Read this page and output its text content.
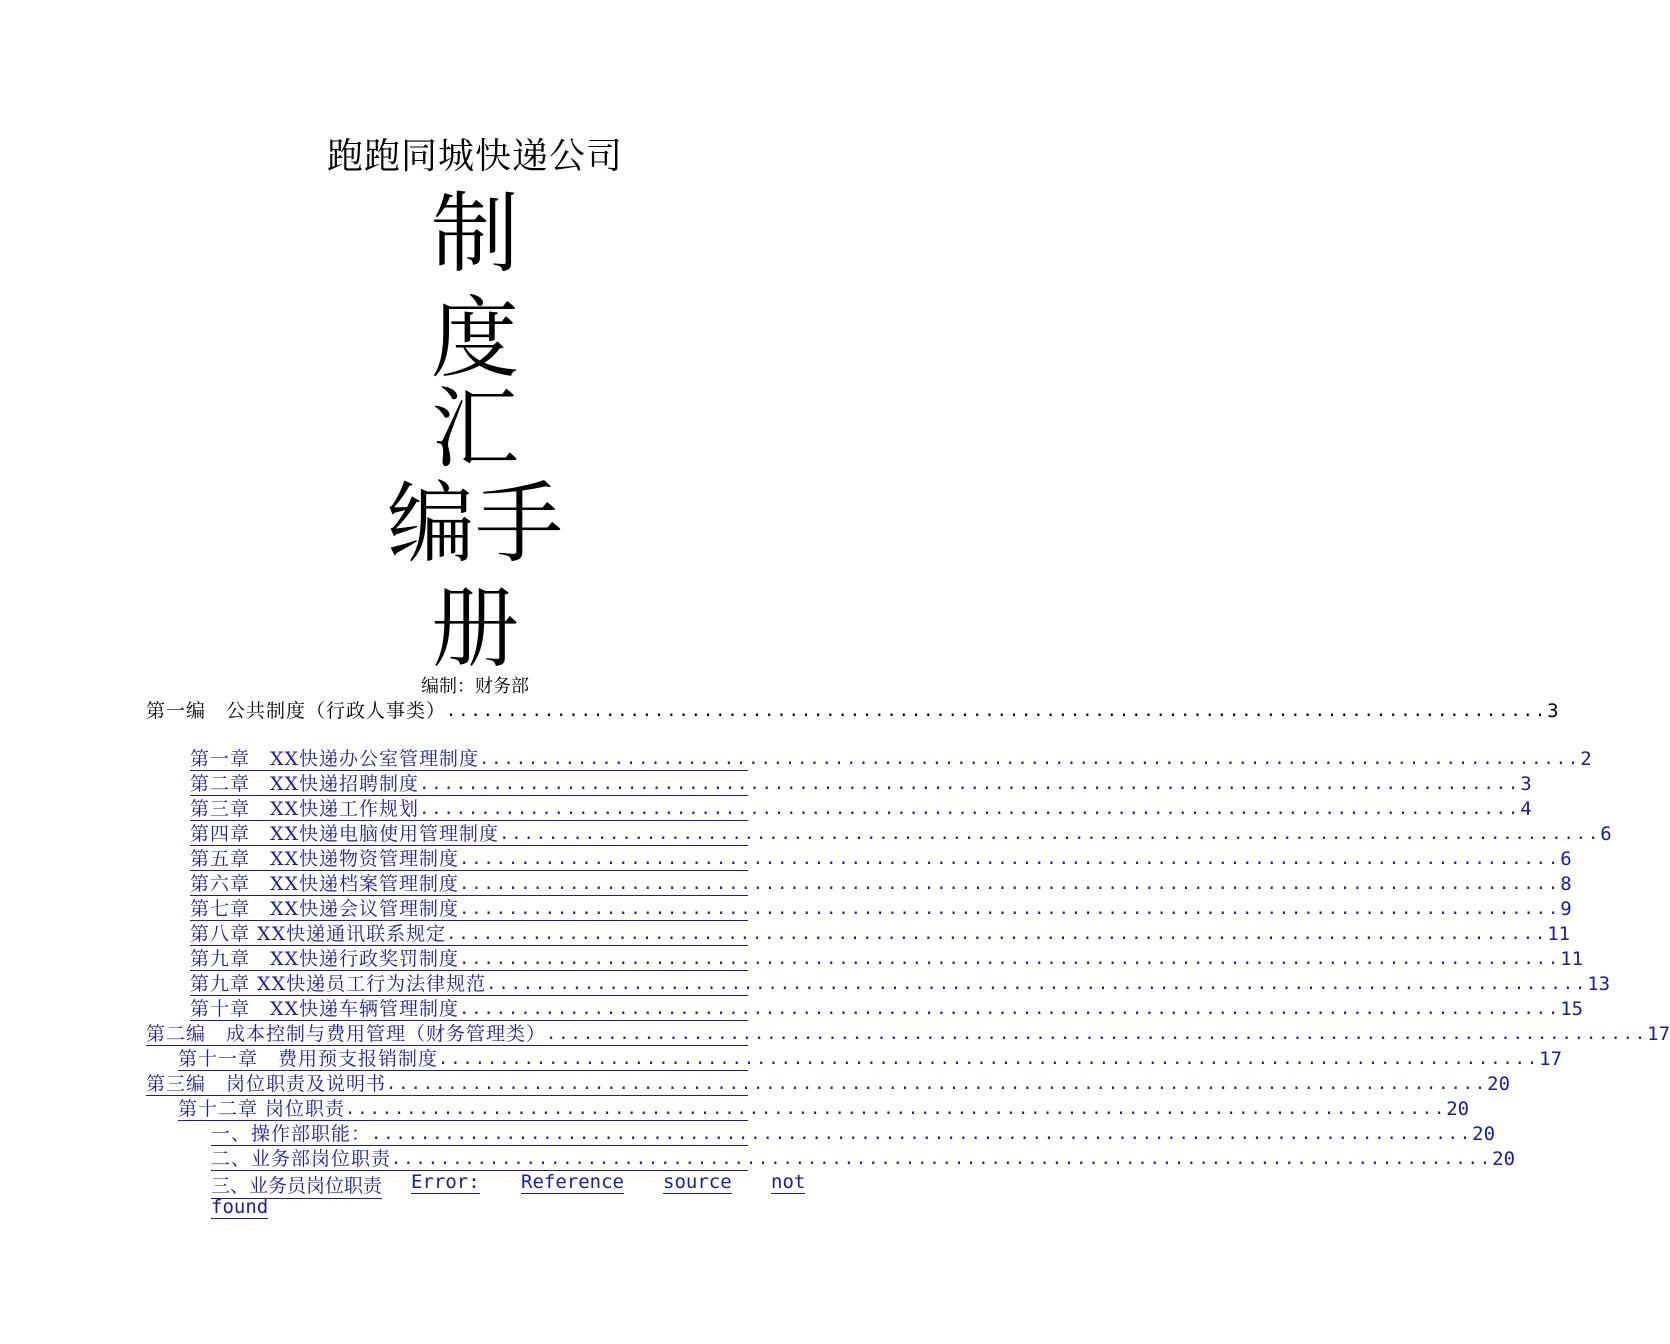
跑跑同城快递公司
制
度
汇
编手
册
编制：财务部
第一编　公共制度（行政人事类） .......................................................................................... 3
第一章　XX快递办公室管理制度 .......................................................................................... 2
第二章　XX快递招聘制度 .......................................................................................... 3
第三章　XX快递工作规划 .......................................................................................... 4
第四章　XX快递电脑使用管理制度 .......................................................................................... 6
第五章　XX快递物资管理制度 .......................................................................................... 6
第六章　XX快递档案管理制度 .......................................................................................... 8
第七章　XX快递会议管理制度 .......................................................................................... 9
第八章 XX快递通讯联系规定 .......................................................................................... 11
第九章　XX快递行政奖罚制度 .......................................................................................... 11
第九章 XX快递员工行为法律规范 .......................................................................................... 13
第十章　XX快递车辆管理制度 .......................................................................................... 15
第二编　成本控制与费用管理（财务管理类） .......................................................................................... 17
第十一章　费用预支报销制度 .......................................................................................... 17
第三编　岗位职责及说明书 .......................................................................................... 20
第十二章 岗位职责 .......................................................................................... 20
一、操作部职能： .......................................................................................... 20
二、业务部岗位职责 .......................................................................................... 20
三、业务员岗位职责 Error: Reference source not
found
